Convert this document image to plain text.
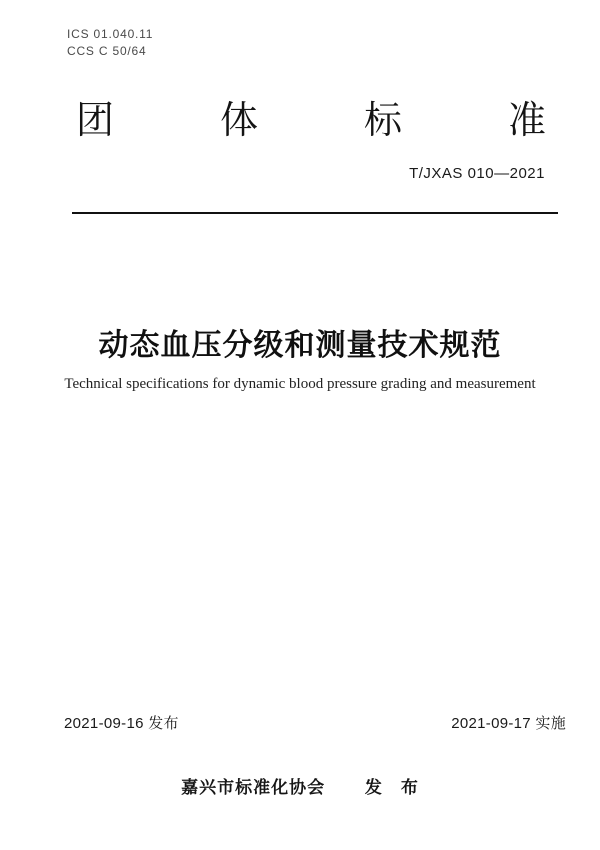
ICS 01.040.11
CCS C 50/64
团	体	标	准
T/JXAS 010—2021
动态血压分级和测量技术规范
Technical specifications for dynamic blood pressure grading and measurement
2021-09-16 发布	2021-09-17 实施
嘉兴市标准化协会 发　布
